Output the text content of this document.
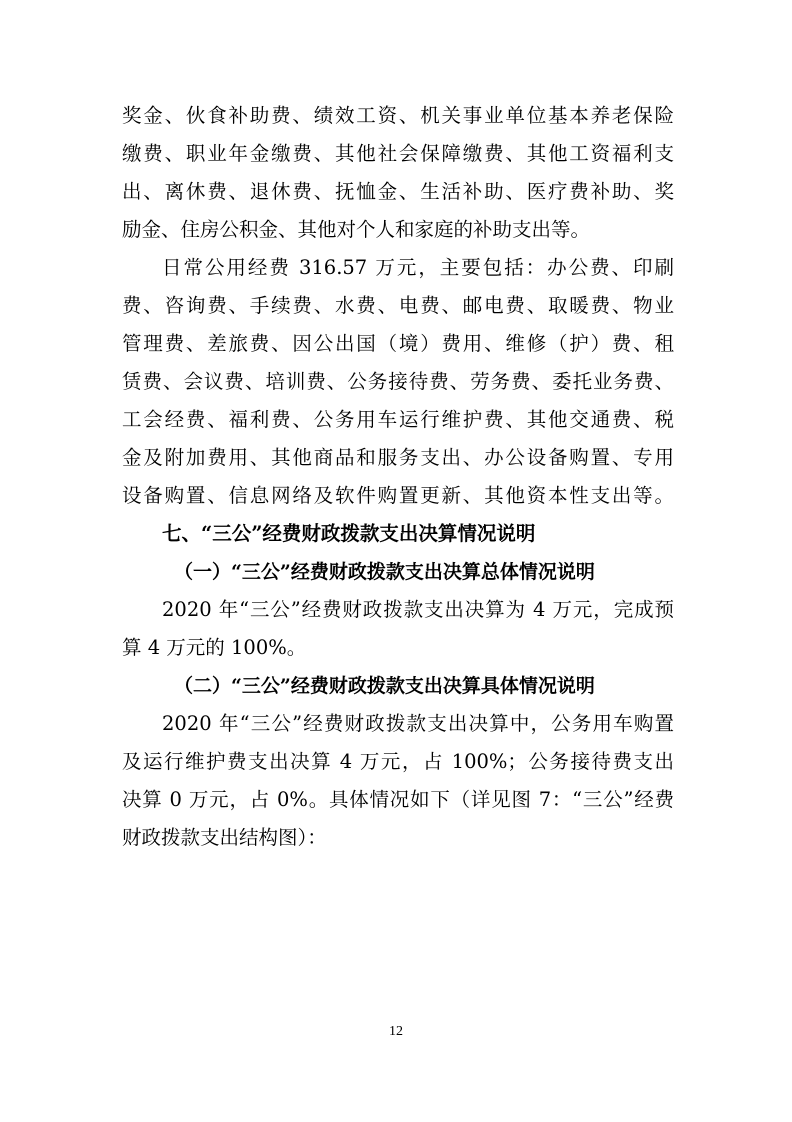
奖金、伙食补助费、绩效工资、机关事业单位基本养老保险
缴费、职业年金缴费、其他社会保障缴费、其他工资福利支
出、离休费、退休费、抚恤金、生活补助、医疗费补助、奖
励金、住房公积金、其他对个人和家庭的补助支出等。
日常公用经费 316.57 万元，主要包括：办公费、印刷
费、咨询费、手续费、水费、电费、邮电费、取暖费、物业
管理费、差旅费、因公出国（境）费用、维修（护）费、租
赁费、会议费、培训费、公务接待费、劳务费、委托业务费、
工会经费、福利费、公务用车运行维护费、其他交通费、税
金及附加费用、其他商品和服务支出、办公设备购置、专用
设备购置、信息网络及软件购置更新、其他资本性支出等。
七、“三公”经费财政拨款支出决算情况说明
（一）“三公”经费财政拨款支出决算总体情况说明
2020 年“三公”经费财政拨款支出决算为 4 万元，完成预
算 4 万元的 100%。
（二）“三公”经费财政拨款支出决算具体情况说明
2020 年“三公”经费财政拨款支出决算中，公务用车购置
及运行维护费支出决算 4 万元，占 100%；公务接待费支出
决算 0 万元，占 0%。具体情况如下（详见图 7：“三公”经费
财政拨款支出结构图）：
12
